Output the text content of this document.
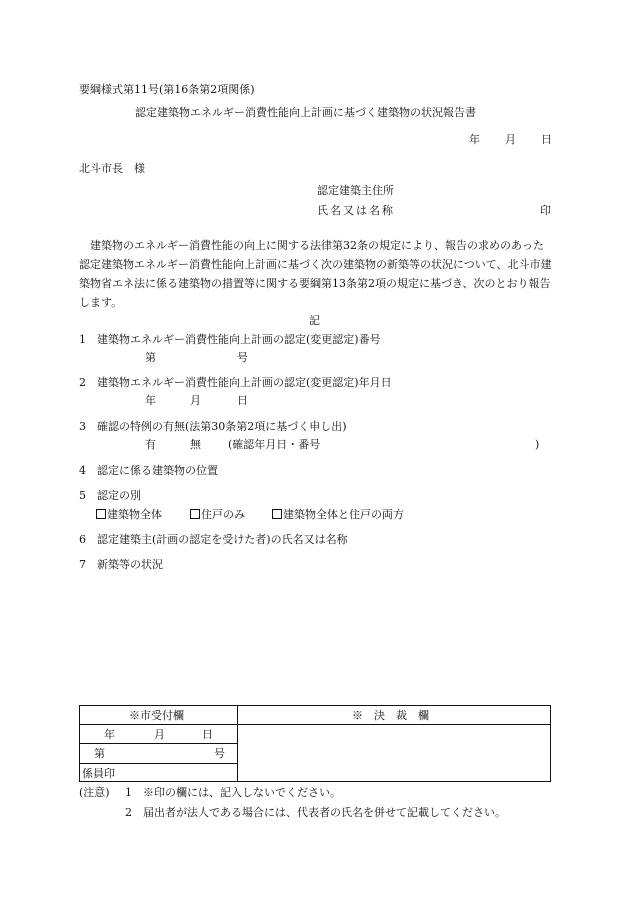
要綱様式第11号(第16条第2項関係)
認定建築物エネルギー消費性能向上計画に基づく建築物の状況報告書
年 月 日
北斗市長　様
認定建築主住所
氏名又は名称	印
建築物のエネルギー消費性能の向上に関する法律第32条の規定により、報告の求めのあった認定建築物エネルギー消費性能向上計画に基づく次の建築物の新築等の状況について、北斗市建築物省エネ法に係る建築物の措置等に関する要綱第13条第2項の規定に基づき、次のとおり報告します。
記
1 建築物エネルギー消費性能向上計画の認定(変更認定)番号
第	号
2 建築物エネルギー消費性能向上計画の認定(変更認定)年月日
年	月	日
3 確認の特例の有無(法第30条第2項に基づく申し出)
有	無 (確認年月日・番号	)
4 認定に係る建築物の位置
5 認定の別
建築物全体	住戸のみ	建築物全体と住戸の両方
6 認定建築主(計画の認定を受けた者)の氏名又は名称
7 新築等の状況
※市受付欄	※　決　裁　欄
年	月	日
第	号
係員印
(注意) 1 ※印の欄には、記入しないでください。
2 届出者が法人である場合には、代表者の氏名を併せて記載してください。
